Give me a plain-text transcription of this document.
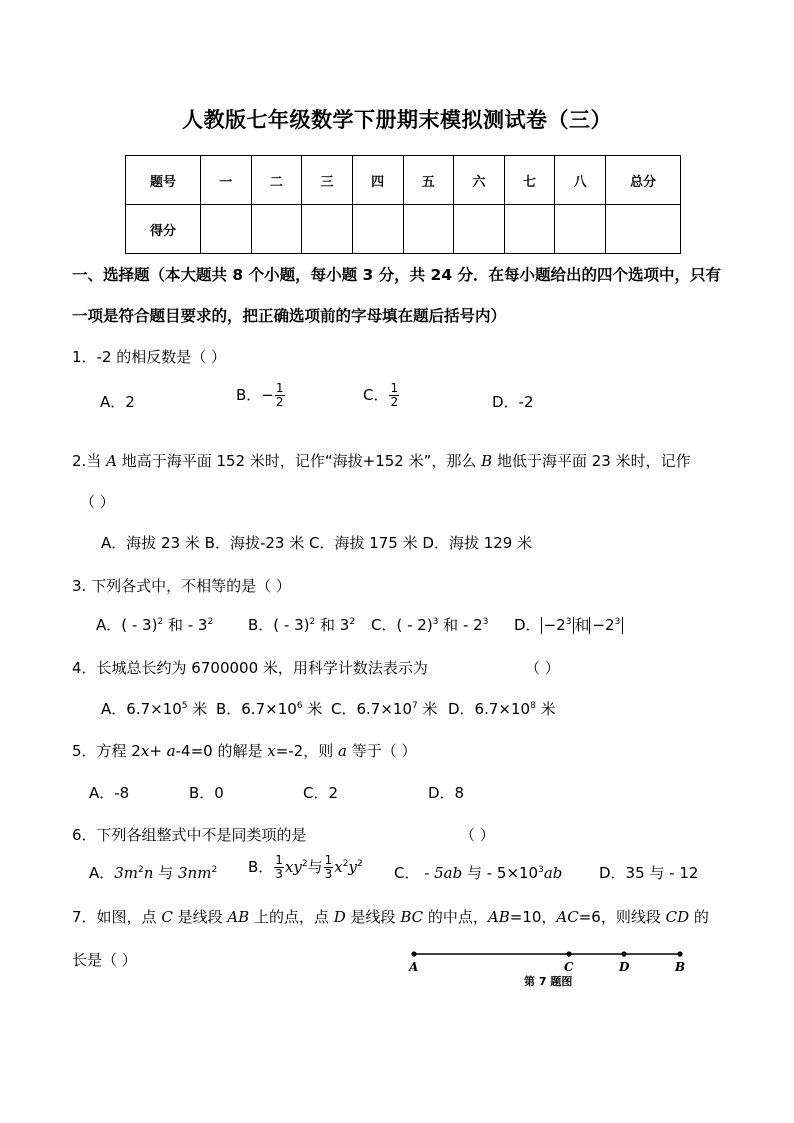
人教版七年级数学下册期末模拟测试卷（三）
题号	一	二	三	四	五	六	七	八	总分
得分									
一、选择题（本大题共 8 个小题，每小题 3 分，共 24 分．在每小题给出的四个选项中，只有
一项是符合题目要求的，把正确选项前的字母填在题后括号内）
1．-2 的相反数是（ ）
A．2	B．− $\frac{1}{2}$	C． $\frac{1}{2}$	D．-2
2.当 A 地高于海平面 152 米时，记作“海拔+152 米”，那么 B 地低于海平面 23 米时，记作
（ ）
A．海拔 23 米 B．海拔-23 米 C．海拔 175 米 D．海拔 129 米
3. 下列各式中，不相等的是（ ）
A．( - 3)$^2$ 和 - $3^2$ B．( - 3)$^2$ 和 $3^2$ C．( - 2)$^3$ 和 - $2^3$ D． $-2^3$ 和 $-2^3$
4．长城总长约为 6700000 米，用科学计数法表示为	（ ）
A．$6.7\times 10^5$ 米 B．$6.7\times 10^6$ 米 C．$6.7\times 10^7$ 米 D．$6.7\times 10^8$ 米
5．方程 2x+ a-4=0 的解是 x=-2，则 a 等于（ ）
A．-8	B．0	C．2	D．8
6．下列各组整式中不是同类项的是	（ ）
A．$3m^2n$ 与 $3nm^2$ B． $\frac{1}{3} xy^2$与 $\frac{1}{3} x^2y^2$ C． - 5ab 与 - $5\times 10^3ab$ D．35 与 - 12
7．如图，点 C 是线段 AB 上的点，点 D 是线段 BC 的中点，AB=10，AC=6，则线段 CD 的
长是（ ）	A	C	D	B
第 7 题图
